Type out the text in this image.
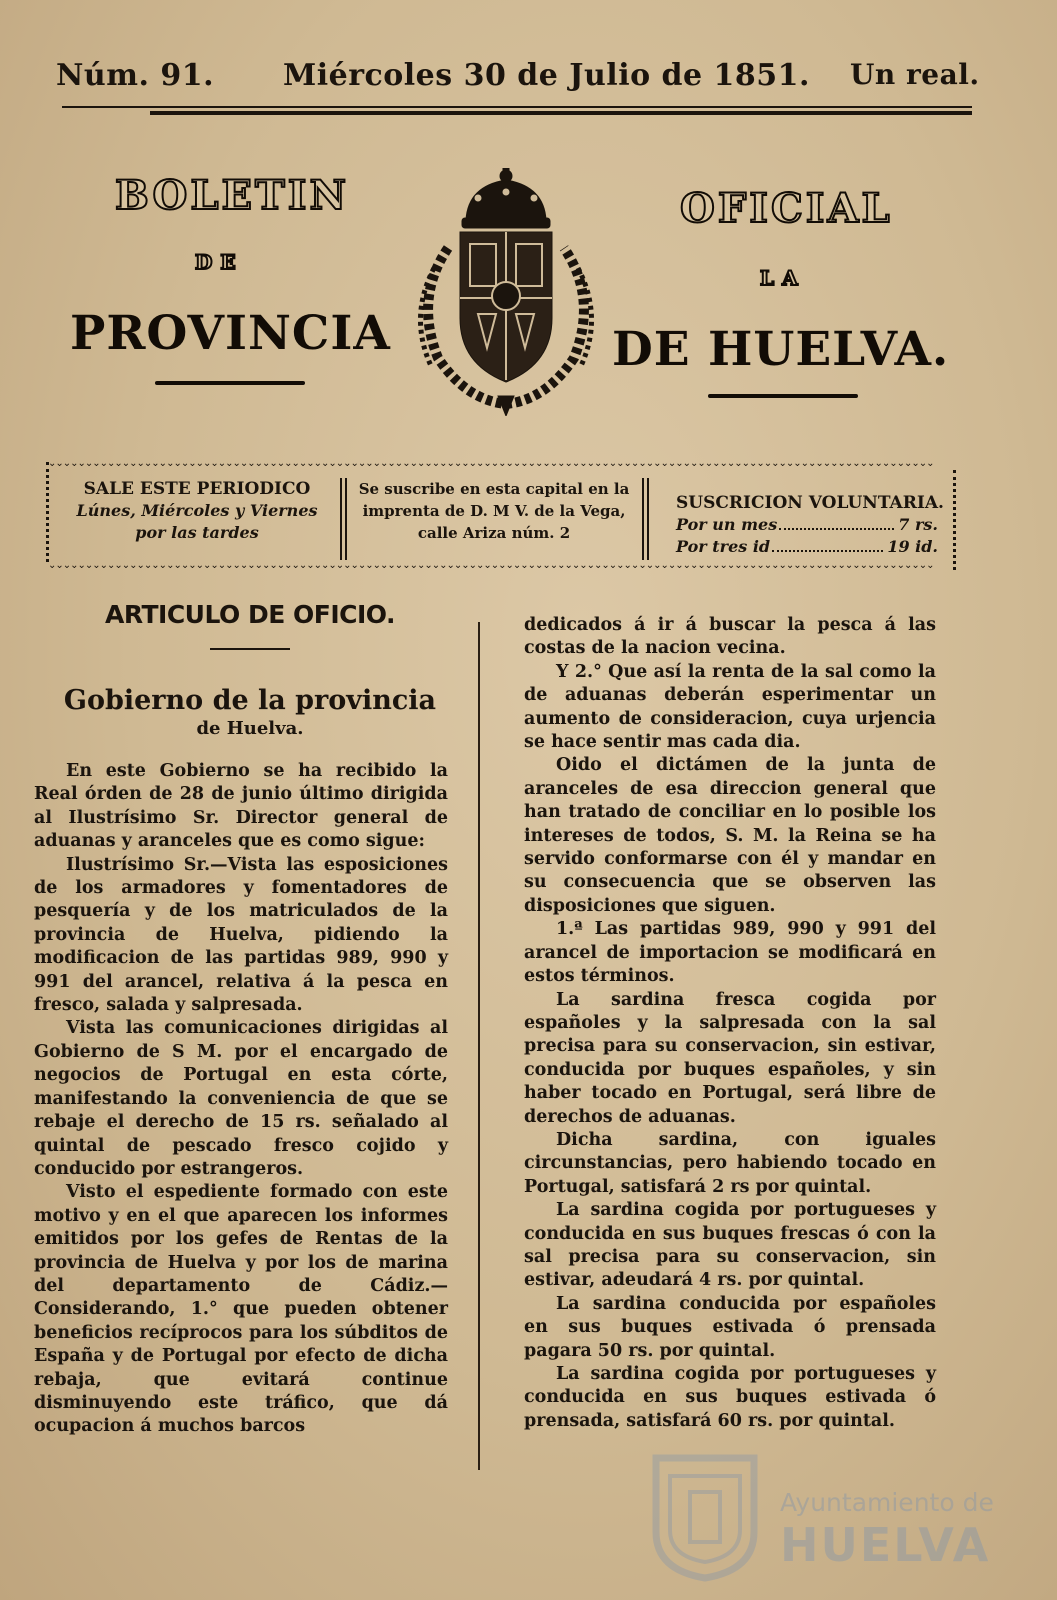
Núm. 91. Miércoles 30 de Julio de 1851. Un real.
BOLETIN	OFICIAL
DE
LA
PROVINCIA	DE HUELVA.
⌄⌄⌄⌄⌄⌄⌄⌄⌄⌄⌄⌄⌄⌄⌄⌄⌄⌄⌄⌄⌄⌄⌄⌄⌄⌄⌄⌄⌄⌄⌄⌄⌄⌄⌄⌄⌄⌄⌄⌄⌄⌄⌄⌄⌄⌄⌄⌄⌄⌄⌄⌄⌄⌄⌄⌄⌄⌄⌄⌄⌄⌄⌄⌄⌄⌄⌄⌄⌄⌄⌄⌄⌄⌄⌄⌄⌄⌄⌄⌄⌄⌄⌄⌄⌄⌄⌄⌄⌄⌄⌄⌄⌄⌄⌄⌄⌄⌄⌄⌄⌄⌄⌄⌄⌄⌄⌄⌄⌄⌄⌄⌄⌄⌄⌄⌄⌄⌄⌄⌄
⌄⌄⌄⌄⌄⌄⌄⌄⌄⌄⌄⌄⌄⌄⌄⌄⌄⌄⌄⌄⌄⌄⌄⌄⌄⌄⌄⌄⌄⌄⌄⌄⌄⌄⌄⌄⌄⌄⌄⌄⌄⌄⌄⌄⌄⌄⌄⌄⌄⌄⌄⌄⌄⌄⌄⌄⌄⌄⌄⌄⌄⌄⌄⌄⌄⌄⌄⌄⌄⌄⌄⌄⌄⌄⌄⌄⌄⌄⌄⌄⌄⌄⌄⌄⌄⌄⌄⌄⌄⌄⌄⌄⌄⌄⌄⌄⌄⌄⌄⌄⌄⌄⌄⌄⌄⌄⌄⌄⌄⌄⌄⌄⌄⌄⌄⌄⌄⌄⌄⌄
SALE ESTE PERIODICO
Lúnes, Miércoles y Viernes
por las tardes
Se suscribe en esta capital en la
imprenta de D. M V. de la Vega,
calle Ariza núm. 2
SUSCRICION VOLUNTARIA.
Por un mes	7 rs.
Por tres id	19 id.
ARTICULO DE OFICIO.
Gobierno de la provincia
de Huelva.

En este Gobierno se ha recibido la Real órden de 28 de junio último dirigida al Ilustrísimo Sr. Director general de aduanas y aranceles que es como sigue:

Ilustrísimo Sr.—Vista las esposiciones de los armadores y fomentadores de pesquería y de los matriculados de la provincia de Huelva, pidiendo la modificacion de las partidas 989, 990 y 991 del arancel, relativa á la pesca en fresco, salada y salpresada.

Vista las comunicaciones dirigidas al Gobierno de S M. por el encargado de negocios de Portugal en esta córte, manifestando la conveniencia de que se rebaje el derecho de 15 rs. señalado al quintal de pescado fresco cojido y conducido por estrangeros.

Visto el espediente formado con este motivo y en el que aparecen los informes emitidos por los gefes de Rentas de la provincia de Huelva y por los de marina del departamento de Cádiz.—Considerando, 1.° que pueden obtener beneficios recíprocos para los súbditos de España y de Portugal por efecto de dicha rebaja, que evitará continue disminuyendo este tráfico, que dá ocupacion á muchos barcos

dedicados á ir á buscar la pesca á las costas de la nacion vecina.

Y 2.° Que así la renta de la sal como la de aduanas deberán esperimentar un aumento de consideracion, cuya urjencia se hace sentir mas cada dia.

Oido el dictámen de la junta de aranceles de esa direccion general que han tratado de conciliar en lo posible los intereses de todos, S. M. la Reina se ha servido conformarse con él y mandar en su consecuencia que se observen las disposiciones que siguen.

1.ª Las partidas 989, 990 y 991 del arancel de importacion se modificará en estos términos.

La sardina fresca cogida por españoles y la salpresada con la sal precisa para su conservacion, sin estivar, conducida por buques españoles, y sin haber tocado en Portugal, será libre de derechos de aduanas.

Dicha sardina, con iguales circunstancias, pero habiendo tocado en Portugal, satisfará 2 rs por quintal.

La sardina cogida por portugueses y conducida en sus buques frescas ó con la sal precisa para su conservacion, sin estivar, adeudará 4 rs. por quintal.

La sardina conducida por españoles en sus buques estivada ó prensada pagara 50 rs. por quintal.

La sardina cogida por portugueses y conducida en sus buques estivada ó prensada, satisfará 60 rs. por quintal.

Ayuntamiento de
HUELVA
